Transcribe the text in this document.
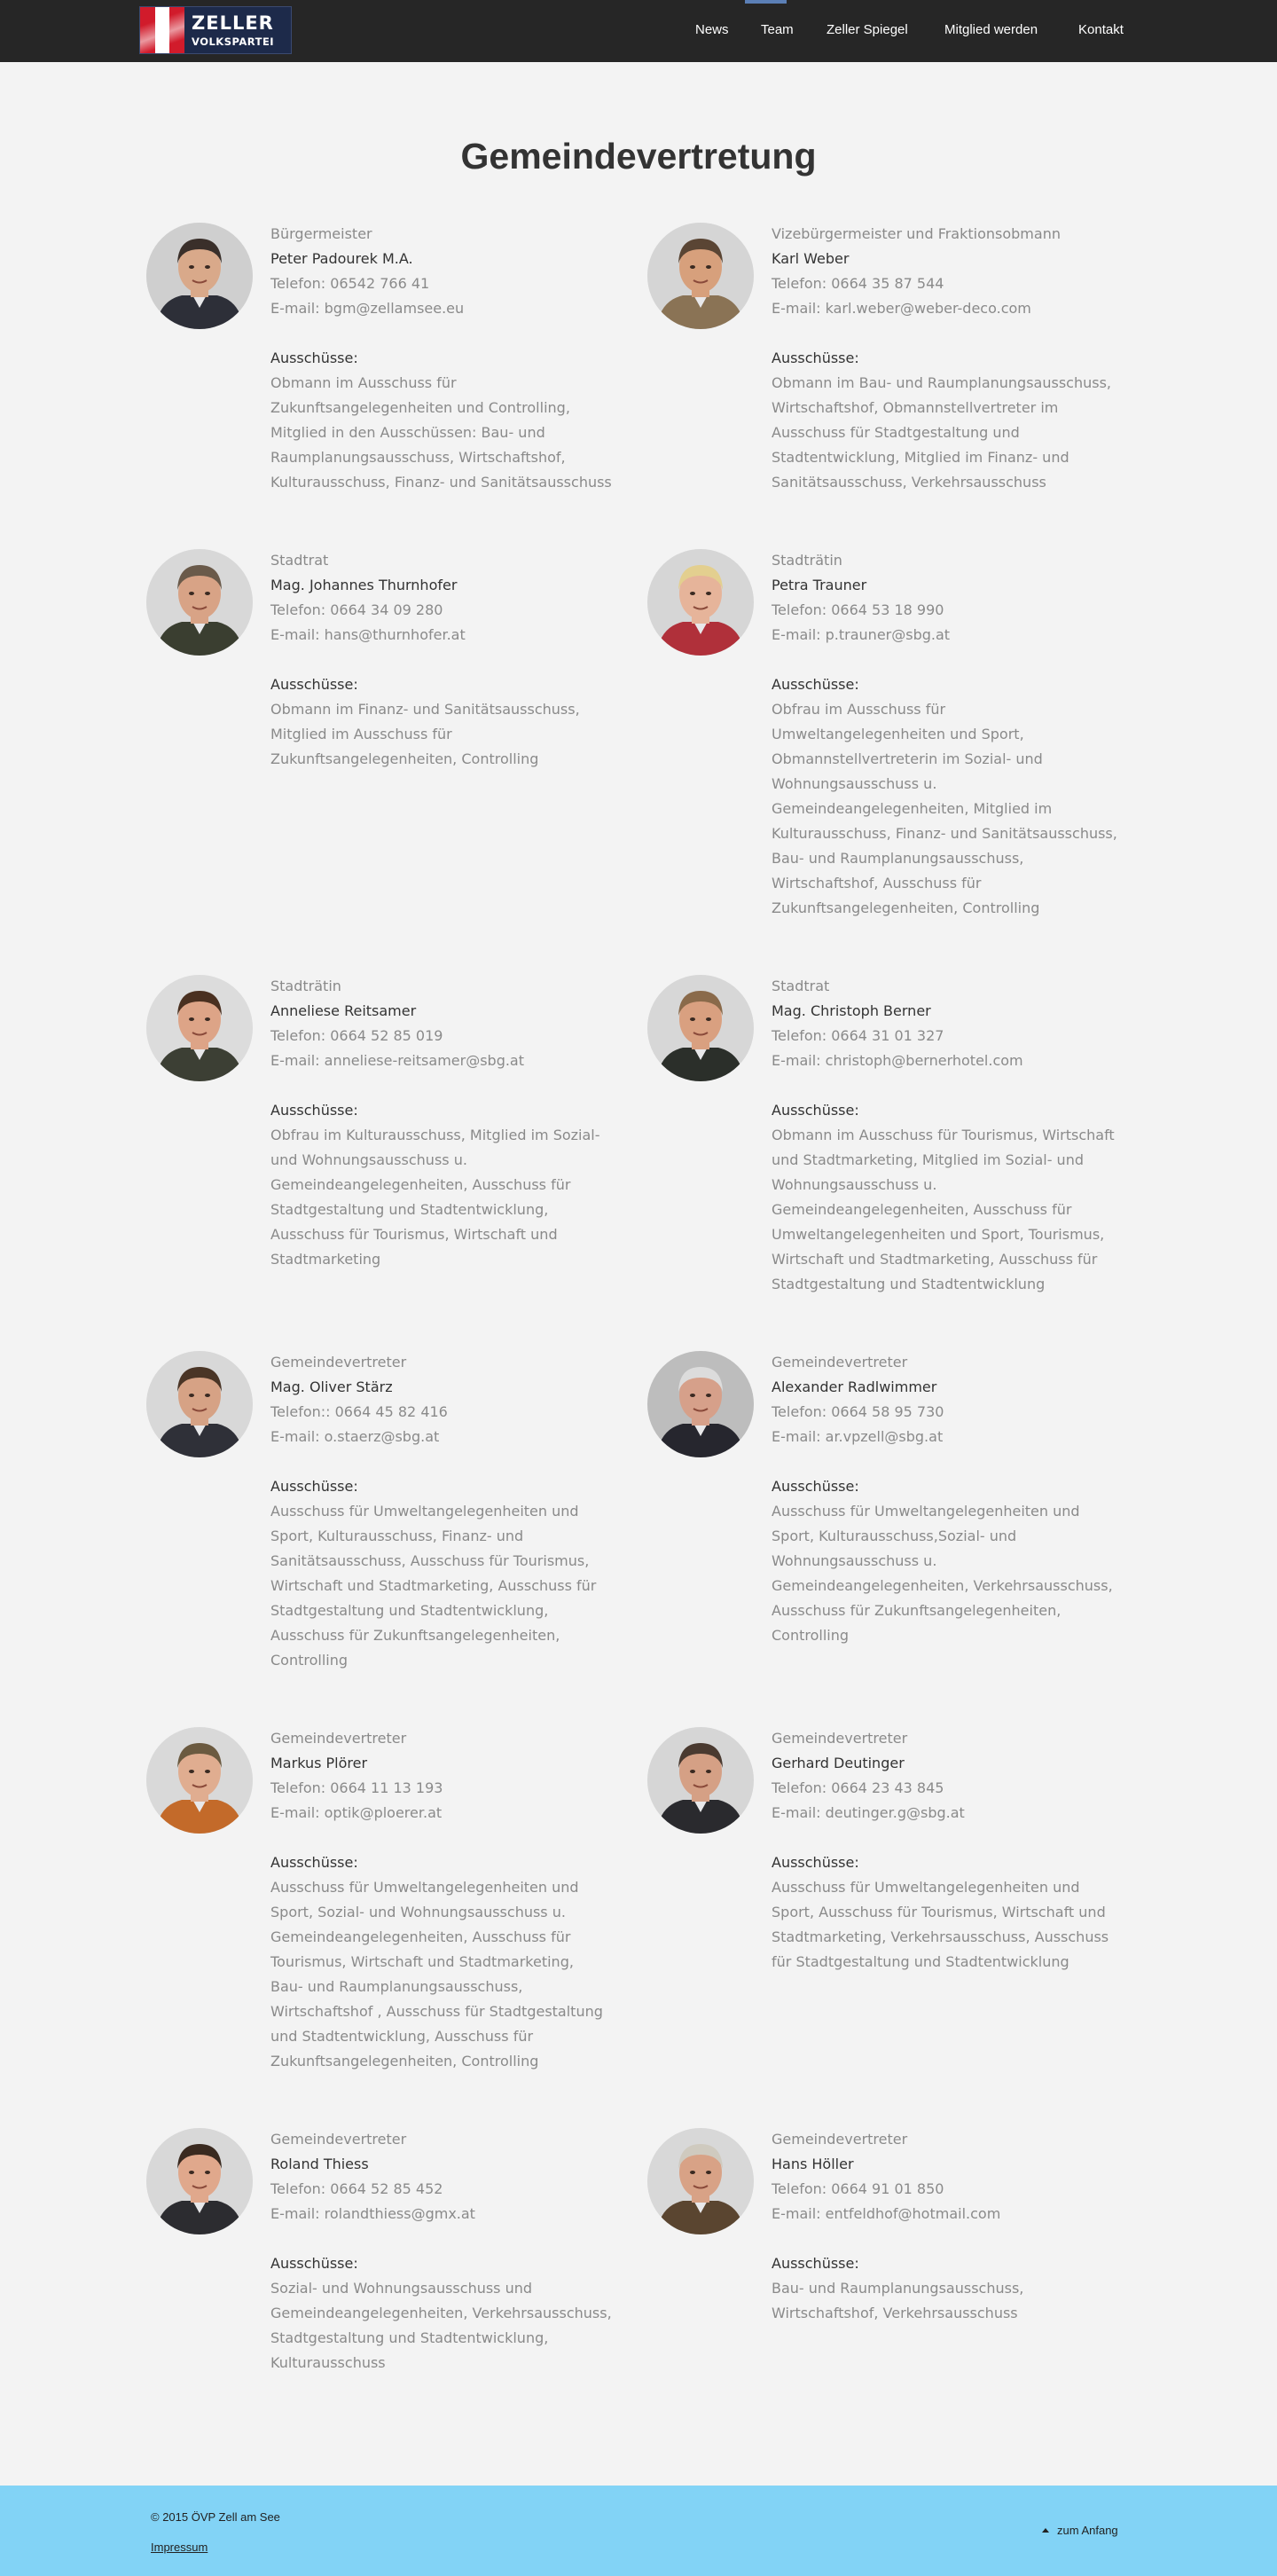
ZELLER
VOLKSPARTEI
News Team Zeller Spiegel	Mitglied werden	Kontakt
Gemeindevertretung
Bürgermeister
Peter Padourek M.A.
Telefon: 06542 766 41
E-mail: bgm@zellamsee.eu
Ausschüsse:
Obmann im Ausschuss für
Zukunftsangelegenheiten und Controlling,
Mitglied in den Ausschüssen: Bau- und
Raumplanungsausschuss, Wirtschaftshof,
Kulturausschuss, Finanz- und Sanitätsausschuss
Vizebürgermeister und Fraktionsobmann
Karl Weber
Telefon: 0664 35 87 544
E-mail: karl.weber@weber-deco.com
Ausschüsse:
Obmann im Bau- und Raumplanungsausschuss,
Wirtschaftshof, Obmannstellvertreter im
Ausschuss für Stadtgestaltung und
Stadtentwicklung, Mitglied im Finanz- und
Sanitätsausschuss, Verkehrsausschuss
Stadtrat
Mag. Johannes Thurnhofer
Telefon: 0664 34 09 280
E-mail: hans@thurnhofer.at
Ausschüsse:
Obmann im Finanz- und Sanitätsausschuss,
Mitglied im Ausschuss für
Zukunftsangelegenheiten, Controlling
Stadträtin
Petra Trauner
Telefon: 0664 53 18 990
E-mail: p.trauner@sbg.at
Ausschüsse:
Obfrau im Ausschuss für
Umweltangelegenheiten und Sport,
Obmannstellvertreterin im Sozial- und
Wohnungsausschuss u.
Gemeindeangelegenheiten, Mitglied im
Kulturausschuss, Finanz- und Sanitätsausschuss,
Bau- und Raumplanungsausschuss,
Wirtschaftshof, Ausschuss für
Zukunftsangelegenheiten, Controlling
Stadträtin
Anneliese Reitsamer
Telefon: 0664 52 85 019
E-mail: anneliese-reitsamer@sbg.at
Ausschüsse:
Obfrau im Kulturausschuss, Mitglied im Sozial-
und Wohnungsausschuss u.
Gemeindeangelegenheiten, Ausschuss für
Stadtgestaltung und Stadtentwicklung,
Ausschuss für Tourismus, Wirtschaft und
Stadtmarketing
Stadtrat
Mag. Christoph Berner
Telefon: 0664 31 01 327
E-mail: christoph@bernerhotel.com
Ausschüsse:
Obmann im Ausschuss für Tourismus, Wirtschaft
und Stadtmarketing, Mitglied im Sozial- und
Wohnungsausschuss u.
Gemeindeangelegenheiten, Ausschuss für
Umweltangelegenheiten und Sport, Tourismus,
Wirtschaft und Stadtmarketing, Ausschuss für
Stadtgestaltung und Stadtentwicklung
Gemeindevertreter
Mag. Oliver Stärz
Telefon:: 0664 45 82 416
E-mail: o.staerz@sbg.at
Ausschüsse:
Ausschuss für Umweltangelegenheiten und
Sport, Kulturausschuss, Finanz- und
Sanitätsausschuss, Ausschuss für Tourismus,
Wirtschaft und Stadtmarketing, Ausschuss für
Stadtgestaltung und Stadtentwicklung,
Ausschuss für Zukunftsangelegenheiten,
Controlling
Gemeindevertreter
Alexander Radlwimmer
Telefon: 0664 58 95 730
E-mail: ar.vpzell@sbg.at
Ausschüsse:
Ausschuss für Umweltangelegenheiten und
Sport, Kulturausschuss,Sozial- und
Wohnungsausschuss u.
Gemeindeangelegenheiten, Verkehrsausschuss,
Ausschuss für Zukunftsangelegenheiten,
Controlling
Gemeindevertreter
Markus Plörer
Telefon: 0664 11 13 193
E-mail: optik@ploerer.at
Ausschüsse:
Ausschuss für Umweltangelegenheiten und
Sport, Sozial- und Wohnungsausschuss u.
Gemeindeangelegenheiten, Ausschuss für
Tourismus, Wirtschaft und Stadtmarketing,
Bau- und Raumplanungsausschuss,
Wirtschaftshof , Ausschuss für Stadtgestaltung
und Stadtentwicklung, Ausschuss für
Zukunftsangelegenheiten, Controlling
Gemeindevertreter
Gerhard Deutinger
Telefon: 0664 23 43 845
E-mail: deutinger.g@sbg.at
Ausschüsse:
Ausschuss für Umweltangelegenheiten und
Sport, Ausschuss für Tourismus, Wirtschaft und
Stadtmarketing, Verkehrsausschuss, Ausschuss
für Stadtgestaltung und Stadtentwicklung
Gemeindevertreter
Roland Thiess
Telefon: 0664 52 85 452
E-mail: rolandthiess@gmx.at
Ausschüsse:
Sozial- und Wohnungsausschuss und
Gemeindeangelegenheiten, Verkehrsausschuss,
Stadtgestaltung und Stadtentwicklung,
Kulturausschuss
Gemeindevertreter
Hans Höller
Telefon: 0664 91 01 850
E-mail: entfeldhof@hotmail.com
Ausschüsse:
Bau- und Raumplanungsausschuss,
Wirtschaftshof, Verkehrsausschuss
© 2015 ÖVP Zell am See
Impressum
zum Anfang
